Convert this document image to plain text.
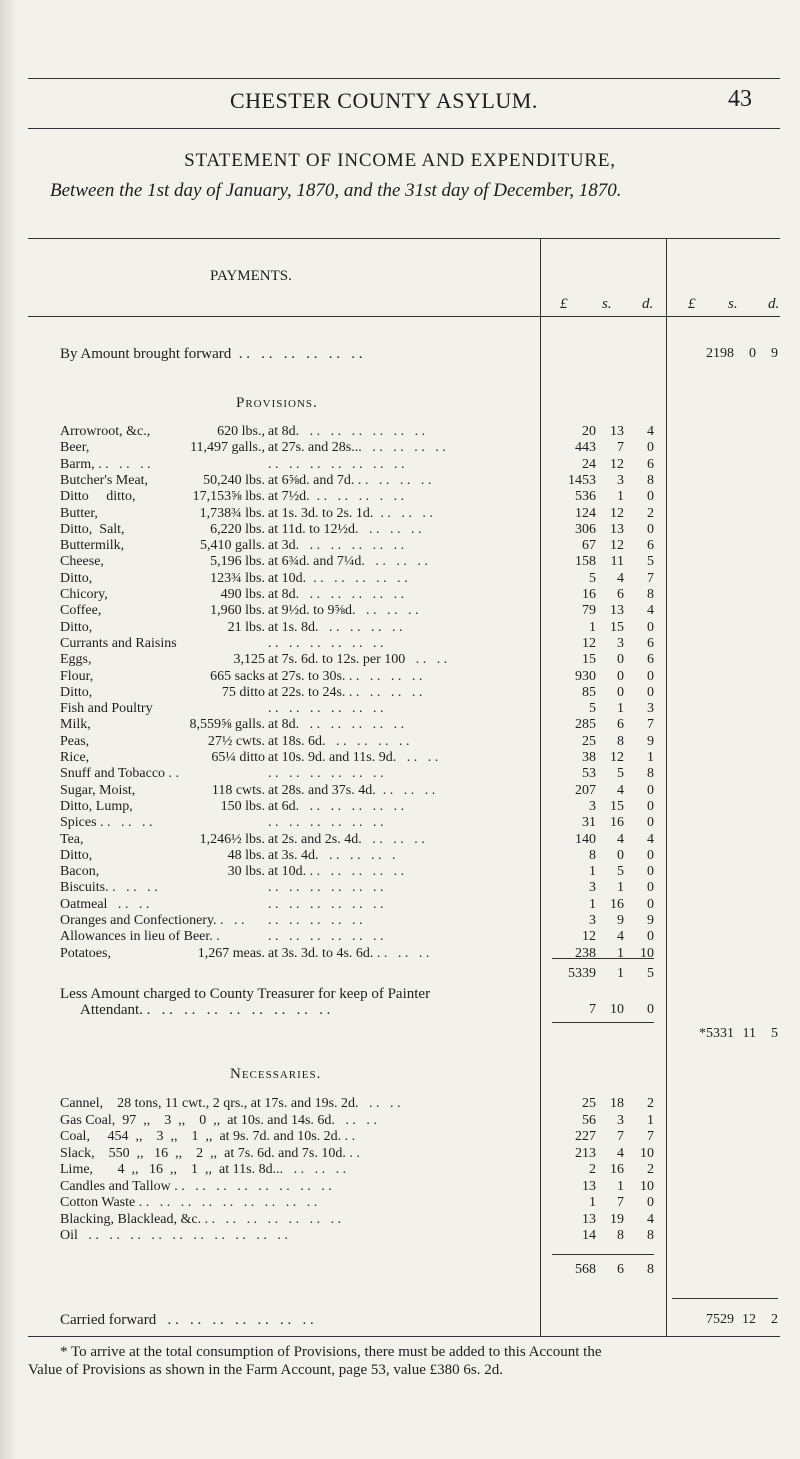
CHESTER COUNTY ASYLUM.	43
STATEMENT OF INCOME AND EXPENDITURE,
Between the 1st day of January, 1870, and the 31st day of December, 1870.
PAYMENTS.
£ s. d. £ s. d.
By Amount brought forward  . .   . .   . .   . .   . .   . .	2198	0	9
Provisions.
Arrowroot, &c.,	620 lbs., at 8d.   . .   . .   . .   . .   . .   . .	20	13	4
Beer,	11,497 galls., at 27s. and 28s...   . .   . .   . .   . .	443	7	0
Barm, . .   . .   . .	. .   . .   . .   . .   . .   . .   . .	24	12	6
Butcher's Meat,	50,240 lbs. at 6⅝d. and 7d. . .   . .   . .   . .	1453	3	8
Ditto     ditto,	17,153⅝ lbs. at 7½d.  . .   . .   . .   .   . .	536	1	0
Butter,	1,738¾ lbs. at 1s. 3d. to 2s. 1d.  . .   . .   . .	124	12	2
Ditto,  Salt,	6,220 lbs. at 11d. to 12½d.   . .   . .   . .	306	13	0
Buttermilk,	5,410 galls. at 3d.   . .   . .   . .   . .   . .	67	12	6
Cheese,	5,196 lbs. at 6¾d. and 7¼d.   . .   . .   . .	158	11	5
Ditto,	123¾ lbs. at 10d.  . .   . .   . .   . .   . .	5	4	7
Chicory,	490 lbs. at 8d.   . .   . .   . .   . .   . .	16	6	8
Coffee,	1,960 lbs. at 9½d. to 9⅝d.   . .   . .   . .	79	13	4
Ditto,	21 lbs. at 1s. 8d.   . .   . .   . .   . .	1	15	0
Currants and Raisins	. .   . .   . .   . .   . .   . .	12	3	6
Eggs,	3,125 at 7s. 6d. to 12s. per 100   . .   . .	15	0	6
Flour,	665 sacks at 27s. to 30s. . .   . .   . .   . .	930	0	0
Ditto,	75 ditto at 22s. to 24s. . .   . .   . .   . .	85	0	0
Fish and Poultry	. .   . .   . .   . .   . .   . .	5	1	3
Milk,	8,559⅝ galls. at 8d.   . .   . .   . .   . .   . .	285	6	7
Peas,	27½ cwts. at 18s. 6d.   . .   . .   . .   . .	25	8	9
Rice,	65¼ ditto at 10s. 9d. and 11s. 9d.   . .   . .	38	12	1
Snuff and Tobacco . .	. .   . .   . .   . .   . .   . .	53	5	8
Sugar, Moist,	118 cwts. at 28s. and 37s. 4d.  . .   . .   . .	207	4	0
Ditto, Lump,	150 lbs. at 6d.   . .   . .   . .   . .   . .	3	15	0
Spices . .   . .   . .	. .   . .   . .   . .   . .   . .	31	16	0
Tea,	1,246½ lbs. at 2s. and 2s. 4d.   . .   . .   . .	140	4	4
Ditto,	48 lbs. at 3s. 4d.   . .   . .   . .   .	8	0	0
Bacon,	30 lbs. at 10d. . .   . .   . .   . .   . .	1	5	0
Biscuits. .   . .   . .	. .   . .   . .   . .   . .   . .	3	1	0
Oatmeal   . .   . .	. .   . .   . .   . .   . .   . .	1	16	0
Oranges and Confectionery. .   . . . .   . .   . .   . .   . .	3	9	9
Allowances in lieu of Beer. .	. .   . .   . .   . .   . .   . .	12	4	0
Potatoes,	1,267 meas. at 3s. 3d. to 4s. 6d. . .   . .   . .	238	1	10
5339	1	5
Less Amount charged to County Treasurer for keep of Painter
Attendant. .   . .   . .   . .   . .   . .   . .   . .   . .	7	10	0
*5331 11	5
Necessaries.
Cannel,    28 tons, 11 cwt., 2 qrs., at 17s. and 19s. 2d.   . .   . .	25	18	2
Gas Coal,  97  ,,    3  ,,    0  ,,  at 10s. and 14s. 6d.   . .   . .	56	3	1
Coal,     454  ,,    3  ,,    1  ,,  at 9s. 7d. and 10s. 2d. . .	227	7	7
Slack,    550  ,,   16  ,,    2  ,,  at 7s. 6d. and 7s. 10d. . .	213	4	10
Lime,       4  ,,   16  ,,    1  ,,  at 11s. 8d...   . .   . .   . .	2	16	2
Candles and Tallow . .   . .   . .   . .   . .   . .   . .   . .	13	1	10
Cotton Waste . .   . .   . .   . .   . .   . .   . .   . .   . .	1	7	0
Blacking, Blacklead, &c. . .   . .   . .   . .   . .   . .   . .	13	19	4
Oil   . .   . .   . .   . .   . .   . .   . .   . .   . .   . .	14	8	8
568	6	8
Carried forward   . .   . .   . .   . .   . .   . .   . .	7529 12	2
* To arrive at the total consumption of Provisions, there must be added to this Account the
Value of Provisions as shown in the Farm Account, page 53, value £380 6s. 2d.
